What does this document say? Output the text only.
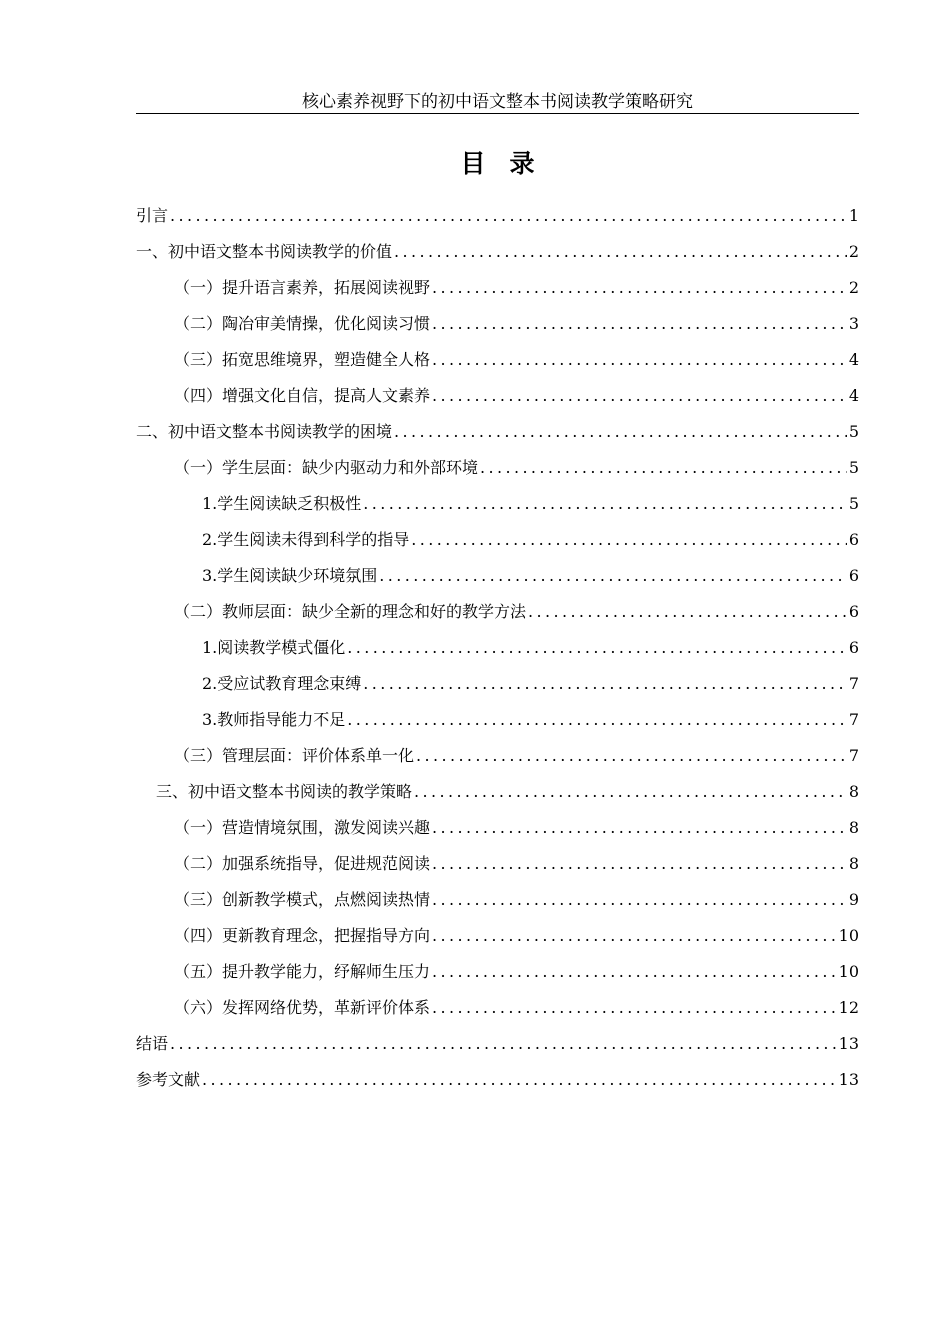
核心素养视野下的初中语文整本书阅读教学策略研究
目录
引言 .....	1
一、初中语文整本书阅读教学的价值 .....	2
（一）提升语言素养，拓展阅读视野 .....	2
（二）陶冶审美情操，优化阅读习惯 .....	3
（三）拓宽思维境界，塑造健全人格 .....	4
（四）增强文化自信，提高人文素养 .....	4
二、初中语文整本书阅读教学的困境 .....	5
（一）学生层面：缺少内驱动力和外部环境 .....	5
1.学生阅读缺乏积极性 .....	5
2.学生阅读未得到科学的指导 .....	6
3.学生阅读缺少环境氛围 .....	6
（二）教师层面：缺少全新的理念和好的教学方法 .....	6
1.阅读教学模式僵化 .....	6
2.受应试教育理念束缚 .....	7
3.教师指导能力不足 .....	7
（三）管理层面：评价体系单一化 .....	7
三、初中语文整本书阅读的教学策略 .....	8
（一）营造情境氛围，激发阅读兴趣 .....	8
（二）加强系统指导，促进规范阅读 .....	8
（三）创新教学模式，点燃阅读热情 .....	9
（四）更新教育理念，把握指导方向 .....	10
（五）提升教学能力，纾解师生压力 .....	10
（六）发挥网络优势，革新评价体系 .....	12
结语 .....	13
参考文献 .....	13
